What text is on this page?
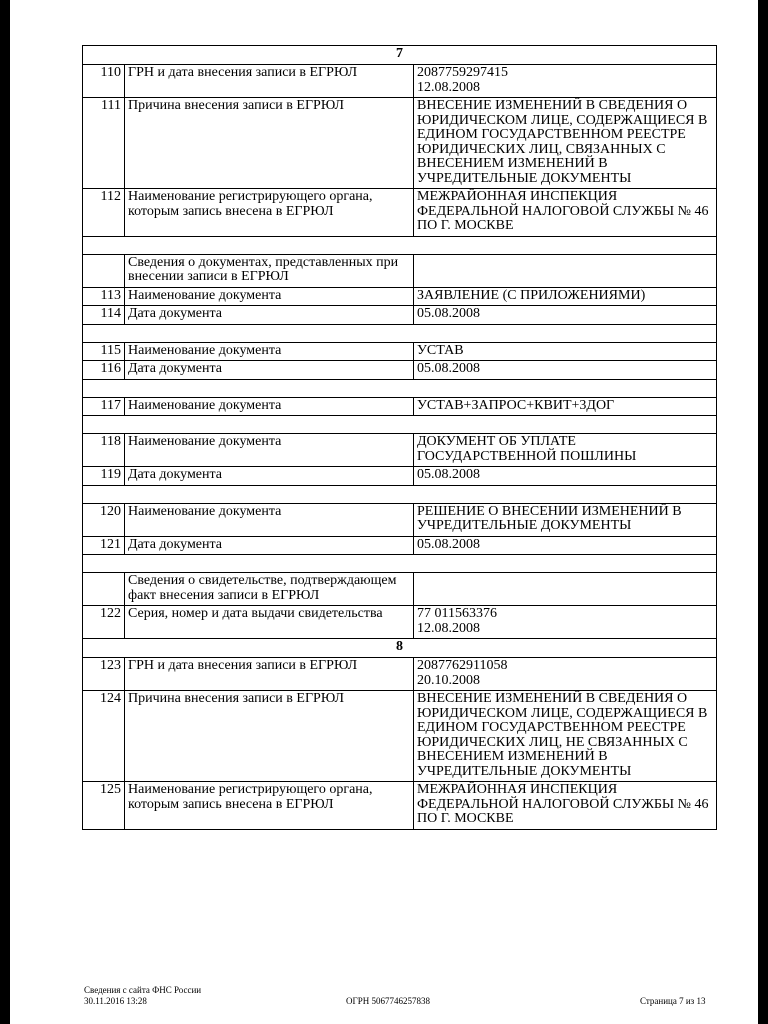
7		
110	ГРН и дата внесения записи в ЕГРЮЛ	2087759297415
12.08.2008
111	Причина внесения записи в ЕГРЮЛ	ВНЕСЕНИЕ ИЗМЕНЕНИЙ В СВЕДЕНИЯ О ЮРИДИЧЕСКОМ ЛИЦЕ, СОДЕРЖАЩИЕСЯ В ЕДИНОМ ГОСУДАРСТВЕННОМ РЕЕСТРЕ ЮРИДИЧЕСКИХ ЛИЦ, СВЯЗАННЫХ С ВНЕСЕНИЕМ ИЗМЕНЕНИЙ В УЧРЕДИТЕЛЬНЫЕ ДОКУМЕНТЫ
112	Наименование регистрирующего органа, которым запись внесена в ЕГРЮЛ	МЕЖРАЙОННАЯ ИНСПЕКЦИЯ ФЕДЕРАЛЬНОЙ НАЛОГОВОЙ СЛУЖБЫ № 46 ПО Г. МОСКВЕ

	Сведения о документах, представленных при внесении записи в ЕГРЮЛ	
113	Наименование документа	ЗАЯВЛЕНИЕ (С ПРИЛОЖЕНИЯМИ)
114	Дата документа	05.08.2008

115	Наименование документа	УСТАВ
116	Дата документа	05.08.2008

117	Наименование документа	УСТАВ+ЗАПРОС+КВИТ+3ДОГ

118	Наименование документа	ДОКУМЕНТ ОБ УПЛАТЕ ГОСУДАРСТВЕННОЙ ПОШЛИНЫ
119	Дата документа	05.08.2008

120	Наименование документа	РЕШЕНИЕ О ВНЕСЕНИИ ИЗМЕНЕНИЙ В УЧРЕДИТЕЛЬНЫЕ ДОКУМЕНТЫ
121	Дата документа	05.08.2008

	Сведения о свидетельстве, подтверждающем факт внесения записи в ЕГРЮЛ	
122	Серия, номер и дата выдачи свидетельства	77 011563376
12.08.2008
8		
123	ГРН и дата внесения записи в ЕГРЮЛ	2087762911058
20.10.2008
124	Причина внесения записи в ЕГРЮЛ	ВНЕСЕНИЕ ИЗМЕНЕНИЙ В СВЕДЕНИЯ О ЮРИДИЧЕСКОМ ЛИЦЕ, СОДЕРЖАЩИЕСЯ В ЕДИНОМ ГОСУДАРСТВЕННОМ РЕЕСТРЕ ЮРИДИЧЕСКИХ ЛИЦ, НЕ СВЯЗАННЫХ С ВНЕСЕНИЕМ ИЗМЕНЕНИЙ В УЧРЕДИТЕЛЬНЫЕ ДОКУМЕНТЫ
125	Наименование регистрирующего органа, которым запись внесена в ЕГРЮЛ	МЕЖРАЙОННАЯ ИНСПЕКЦИЯ ФЕДЕРАЛЬНОЙ НАЛОГОВОЙ СЛУЖБЫ № 46 ПО Г. МОСКВЕ
Сведения с сайта ФНС России
30.11.2016 13:28	ОГРН 5067746257838	Страница 7 из 13
